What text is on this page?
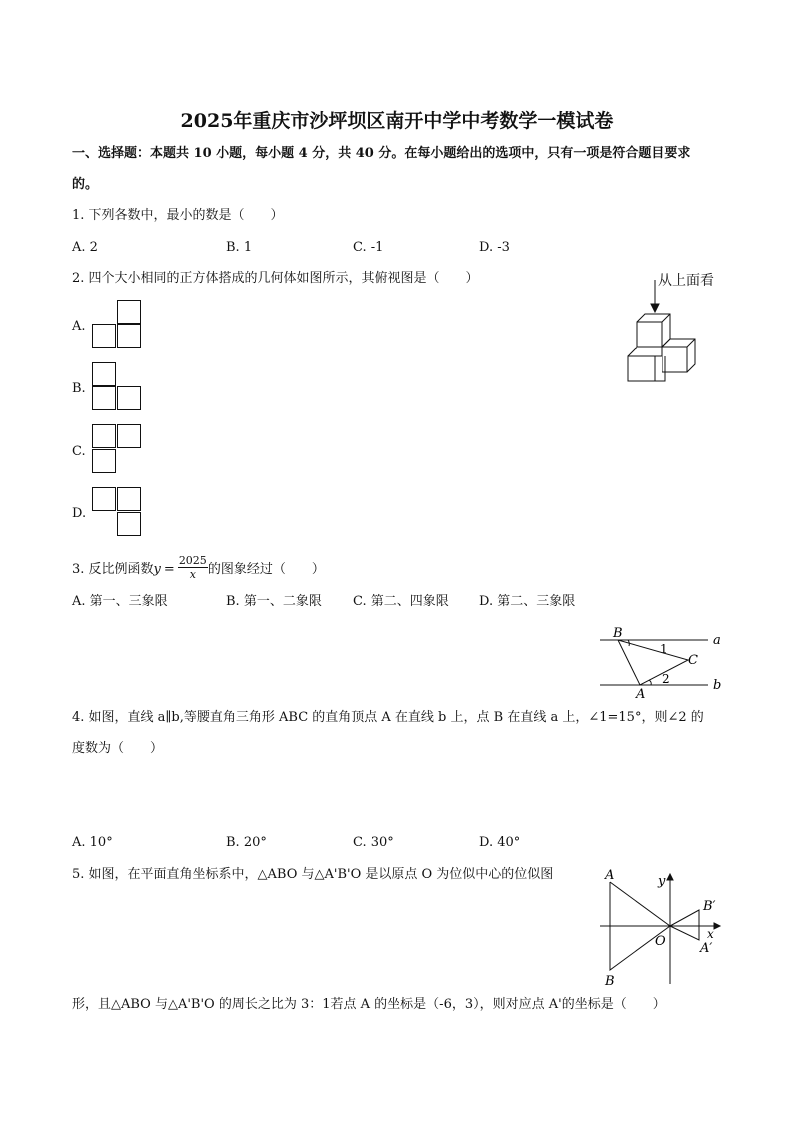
2025年重庆市沙坪坝区南开中学中考数学一模试卷
一、选择题：本题共 10 小题，每小题 4 分，共 40 分。在每小题给出的选项中，只有一项是符合题目要求
的。
1. 下列各数中，最小的数是（　　）
A. 2	B. 1	C. -1	D. -3
2. 四个大小相同的正方体搭成的几何体如图所示，其俯视图是（　　）
A.
B.
C.
D.
从上面看
3. 反比例函数$y = \frac{2025}{x}$ 的图象经过（　　）
A. 第一、三象限	B. 第一、二象限 C. 第二、四象限 D. 第二、三象限
B	a
1
C
2
A
b
4. 如图，直线 a∥b,等腰直角三角形 ABC 的直角顶点 A 在直线 b 上，点 B 在直线 a 上，∠1=15°，则∠2 的
度数为（　　）
A. 10°	B. 20°	C. 30°	D. 40°
5. 如图，在平面直角坐标系中，△ABO 与△A'B'O 是以原点 O 为位似中心的位似图	A	y
B′
O	x
A′
B
形，且△ABO 与△A'B'O 的周长之比为 3：1若点 A 的坐标是（-6，3），则对应点 A'的坐标是（　　）
